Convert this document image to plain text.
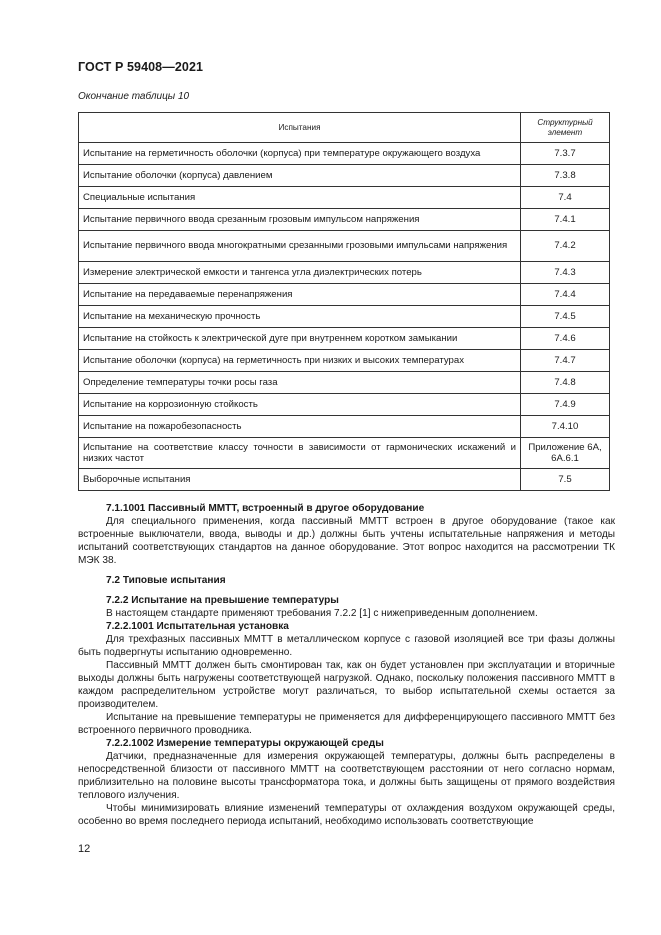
ГОСТ Р 59408—2021
Окончание таблицы 10
Испытания	Структурный элемент
Испытание на герметичность оболочки (корпуса) при температуре окружающего воздуха	7.3.7
Испытание оболочки (корпуса) давлением	7.3.8
Специальные испытания	7.4
Испытание первичного ввода срезанным грозовым импульсом напряжения	7.4.1
Испытание первичного ввода многократными срезанными грозовыми импульсами напряжения	7.4.2
Измерение электрической емкости и тангенса угла диэлектрических потерь	7.4.3
Испытание на передаваемые перенапряжения	7.4.4
Испытание на механическую прочность	7.4.5
Испытание на стойкость к электрической дуге при внутреннем коротком замыкании	7.4.6
Испытание оболочки (корпуса) на герметичность при низких и высоких температурах	7.4.7
Определение температуры точки росы газа	7.4.8
Испытание на коррозионную стойкость	7.4.9
Испытание на пожаробезопасность	7.4.10
Испытание на соответствие классу точности в зависимости от гармонических искажений и низких частот	Приложение 6А, 6А.6.1
Выборочные испытания	7.5

7.1.1001 Пассивный ММТТ, встроенный в другое оборудование

Для специального применения, когда пассивный ММТТ встроен в другое оборудование (такое как встроенные выключатели, ввода, выводы и др.) должны быть учтены испытательные напряжения и методы испытаний соответствующих стандартов на данное оборудование. Этот вопрос находится на рассмотрении ТК МЭК 38.

7.2 Типовые испытания

7.2.2 Испытание на превышение температуры

В настоящем стандарте применяют требования 7.2.2 [1] с нижеприведенным дополнением.

7.2.2.1001 Испытательная установка

Для трехфазных пассивных ММТТ в металлическом корпусе с газовой изоляцией все три фазы должны быть подвергнуты испытанию одновременно.

Пассивный ММТТ должен быть смонтирован так, как он будет установлен при эксплуатации и вторичные выходы должны быть нагружены соответствующей нагрузкой. Однако, поскольку положения пассивного ММТТ в каждом распределительном устройстве могут различаться, то выбор испытательной схемы остается за производителем.

Испытание на превышение температуры не применяется для дифференцирующего пассивного ММТТ без встроенного первичного проводника.

7.2.2.1002 Измерение температуры окружающей среды

Датчики, предназначенные для измерения окружающей температуры, должны быть распределены в непосредственной близости от пассивного ММТТ на соответствующем расстоянии от него согласно нормам, приблизительно на половине высоты трансформатора тока, и должны быть защищены от прямого воздействия теплового излучения.

Чтобы минимизировать влияние изменений температуры от охлаждения воздухом окружающей среды, особенно во время последнего периода испытаний, необходимо использовать соответствующие

12
